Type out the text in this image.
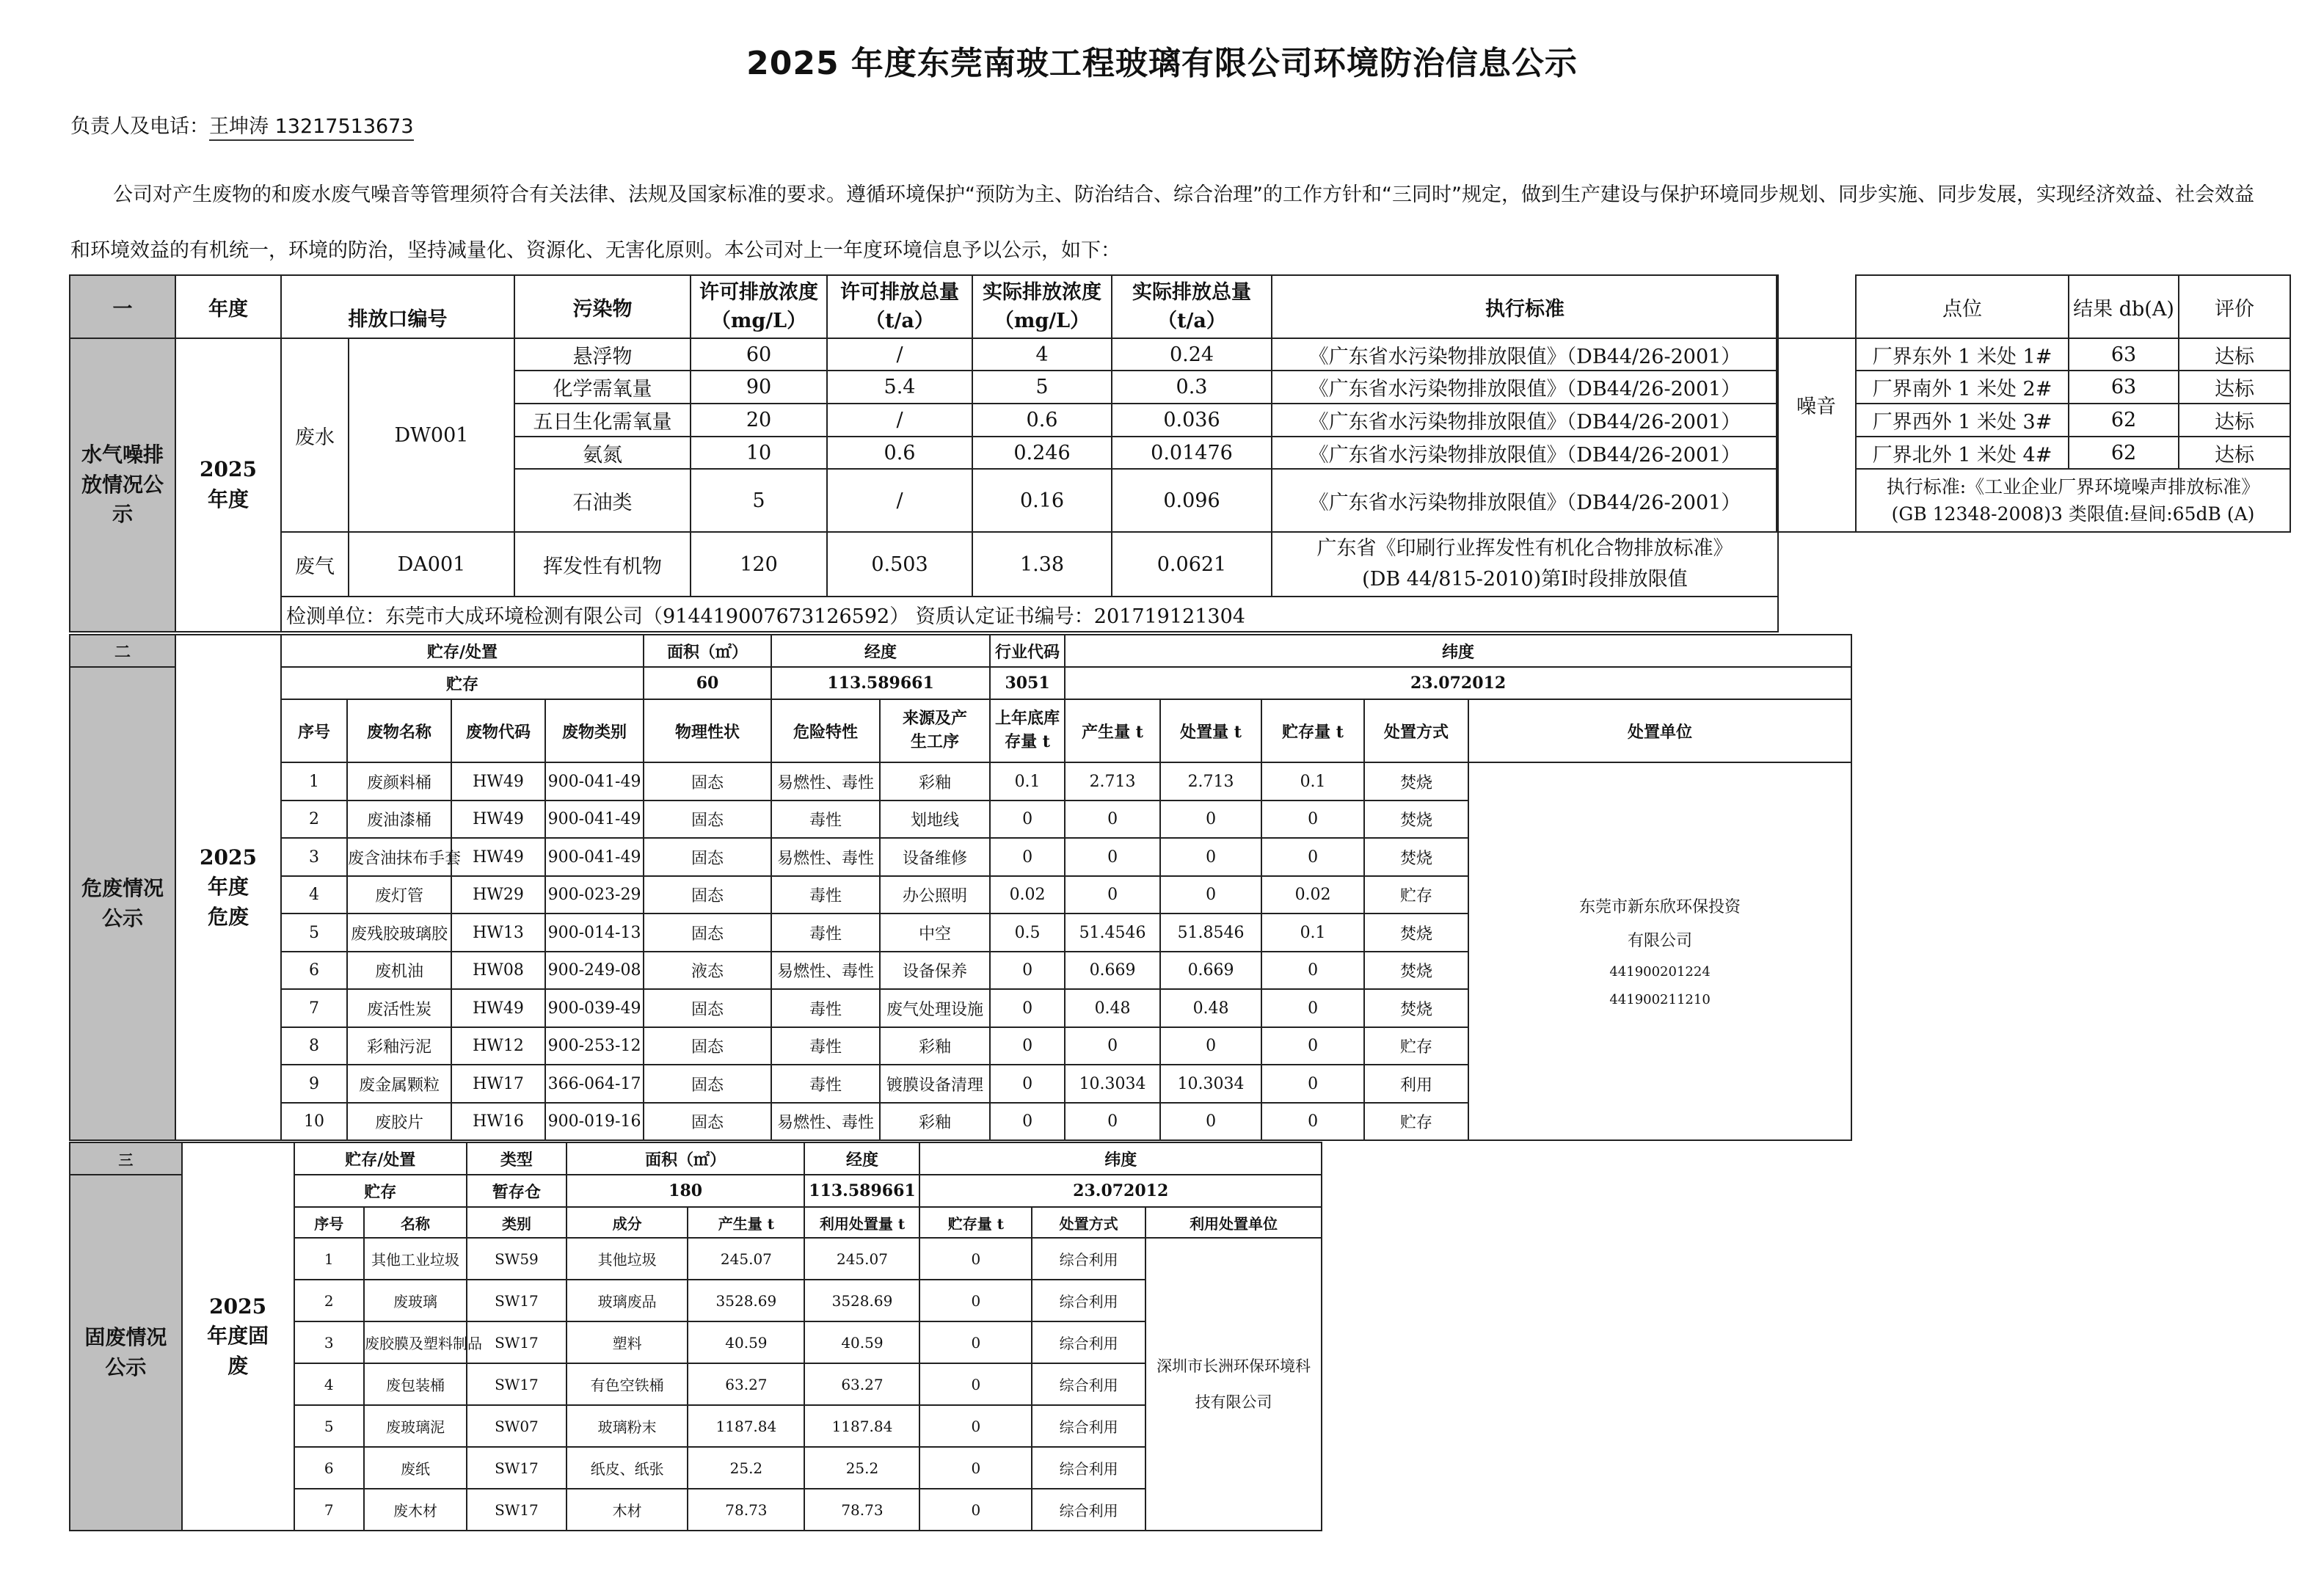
2025 年度东莞南玻工程玻璃有限公司环境防治信息公示
负责人及电话：王坤涛 13217513673
公司对产生废物的和废水废气噪音等管理须符合有关法律、法规及国家标准的要求。遵循环境保护“预防为主、防治结合、综合治理”的工作方针和“三同时”规定，做到生产建设与保护环境同步规划、同步实施、同步发展，实现经济效益、社会效益和环境效益的有机统一，环境的防治，坚持减量化、资源化、无害化原则。本公司对上一年度环境信息予以公示，如下：
一	年度	排放口编号		污染物	许可排放浓度（mg/L）	许可排放总量（t/a）	实际排放浓度（mg/L）	实际排放总量（t/a）	执行标准
水气噪排放情况公示	2025年度	废水	DW001	悬浮物	60	/	4	0.24	《广东省水污染物排放限值》（DB44/26-2001）
				化学需氧量	90	5.4	5	0.3	《广东省水污染物排放限值》（DB44/26-2001）
				五日生化需氧量	20	/	0.6	0.036	《广东省水污染物排放限值》（DB44/26-2001）
				氨氮	10	0.6	0.246	0.01476	《广东省水污染物排放限值》（DB44/26-2001）
				石油类	5	/	0.16	0.096	《广东省水污染物排放限值》（DB44/26-2001）
		废气	DA001	挥发性有机物	120	0.503	1.38	0.0621	广东省《印刷行业挥发性有机化合物排放标准》
(DB 44/815-2010)第Ⅰ时段排放限值

		检测单位：东莞市大成环境检测有限公司（914419007673126592） 资质认定证书编号：201719121304							
	点位	结果 db(A)	评价
噪音	厂界东外 1 米处 1#	63	达标
	厂界南外 1 米处 2#	63	达标
	厂界西外 1 米处 3#	62	达标
	厂界北外 1 米处 4#	62	达标

	执行标准:《工业企业厂界环境噪声排放标准》
(GB 12348-2008)3 类限值:昼间:65dB (A)		
二	2025年度危废	贮存/处置				面积（㎡）	经度		行业代码	纬度				
危废情况公示		贮存				60	113.589661		3051	23.072012				
		序号	废物名称	废物代码	废物类别	物理性状	危险特性	来源及产生工序	上年底库存量 t	产生量 t	处置量 t	贮存量 t	处置方式	处置单位
		1	废颜料桶	HW49	900-041-49	固态	易燃性、毒性	彩釉	0.1	2.713	2.713	0.1	焚烧	东莞市新东欣环保投资
有限公司
441900201224
441900211210

		2	废油漆桶	HW49	900-041-49	固态	毒性	划地线	0	0	0	0	焚烧	
		3	废含油抹布手套	HW49	900-041-49	固态	易燃性、毒性	设备维修	0	0	0	0	焚烧	
		4	废灯管	HW29	900-023-29	固态	毒性	办公照明	0.02	0	0	0.02	贮存	
		5	废残胶玻璃胶	HW13	900-014-13	固态	毒性	中空	0.5	51.4546	51.8546	0.1	焚烧	
		6	废机油	HW08	900-249-08	液态	易燃性、毒性	设备保养	0	0.669	0.669	0	焚烧	
		7	废活性炭	HW49	900-039-49	固态	毒性	废气处理设施	0	0.48	0.48	0	焚烧	
		8	彩釉污泥	HW12	900-253-12	固态	毒性	彩釉	0	0	0	0	贮存	
		9	废金属颗粒	HW17	366-064-17	固态	毒性	镀膜设备清理	0	10.3034	10.3034	0	利用	
		10	废胶片	HW16	900-019-16	固态	易燃性、毒性	彩釉	0	0	0	0	贮存	
三	2025年度固废	贮存/处置		类型	面积（㎡）		经度	纬度		
固废情况公示		贮存		暂存仓	180		113.589661	23.072012		
		序号	名称	类别	成分	产生量 t	利用处置量 t	贮存量 t	处置方式	利用处置单位
		1	其他工业垃圾	SW59	其他垃圾	245.07	245.07	0	综合利用	深圳市长洲环保环境科
技有限公司

		2	废玻璃	SW17	玻璃废品	3528.69	3528.69	0	综合利用	
		3	废胶膜及塑料制品	SW17	塑料	40.59	40.59	0	综合利用	
		4	废包装桶	SW17	有色空铁桶	63.27	63.27	0	综合利用	
		5	废玻璃泥	SW07	玻璃粉末	1187.84	1187.84	0	综合利用	
		6	废纸	SW17	纸皮、纸张	25.2	25.2	0	综合利用	
		7	废木材	SW17	木材	78.73	78.73	0	综合利用	
